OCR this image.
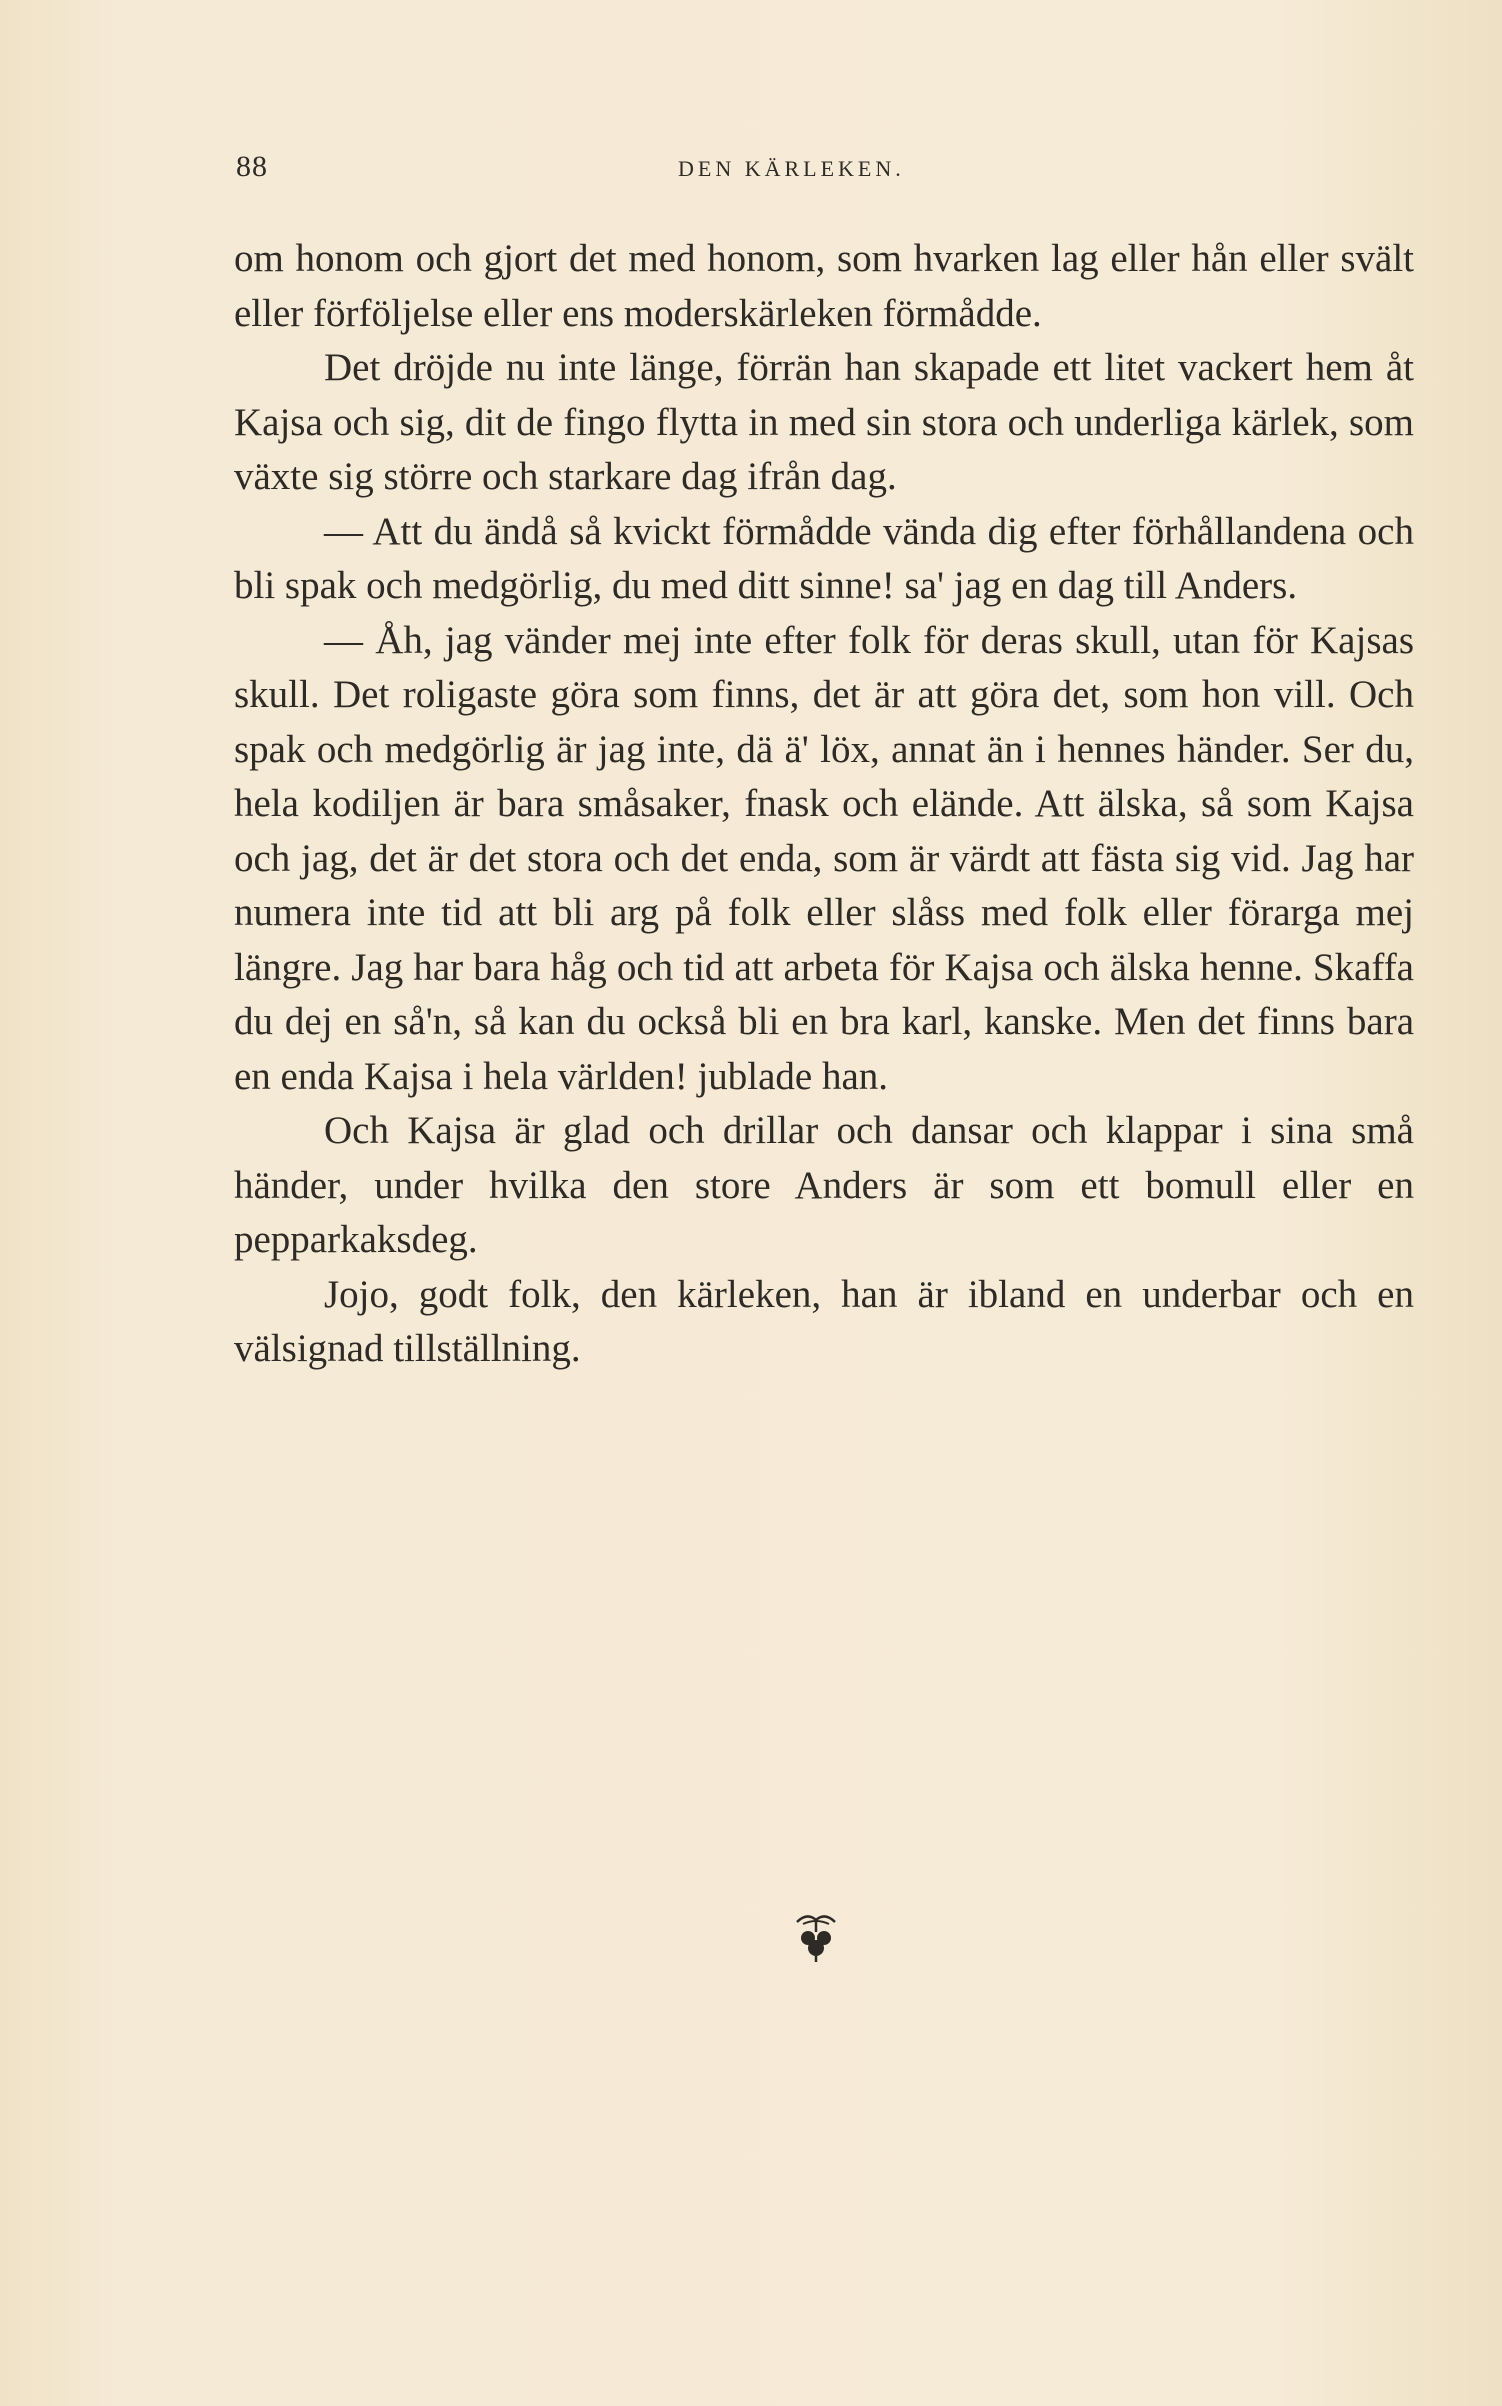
88	DEN KÄRLEKEN.

om honom och gjort det med honom, som hvarken lag eller hån eller svält eller förföljelse eller ens moderskärleken förmådde.

Det dröjde nu inte länge, förrän han skapade ett litet vackert hem åt Kajsa och sig, dit de fingo flytta in med sin stora och underliga kärlek, som växte sig större och starkare dag ifrån dag.

— Att du ändå så kvickt förmådde vända dig efter förhållandena och bli spak och medgörlig, du med ditt sinne! sa' jag en dag till Anders.

— Åh, jag vänder mej inte efter folk för deras skull, utan för Kajsas skull. Det roligaste göra som finns, det är att göra det, som hon vill. Och spak och medgörlig är jag inte, dä ä' löx, annat än i hennes händer. Ser du, hela kodiljen är bara småsaker, fnask och elände. Att älska, så som Kajsa och jag, det är det stora och det enda, som är värdt att fästa sig vid. Jag har numera inte tid att bli arg på folk eller slåss med folk eller förarga mej längre. Jag har bara håg och tid att arbeta för Kajsa och älska henne. Skaffa du dej en så'n, så kan du också bli en bra karl, kanske. Men det finns bara en enda Kajsa i hela världen! jublade han.

Och Kajsa är glad och drillar och dansar och klappar i sina små händer, under hvilka den store Anders är som ett bomull eller en pepparkaksdeg.

Jojo, godt folk, den kärleken, han är ibland en underbar och en välsignad tillställning.
